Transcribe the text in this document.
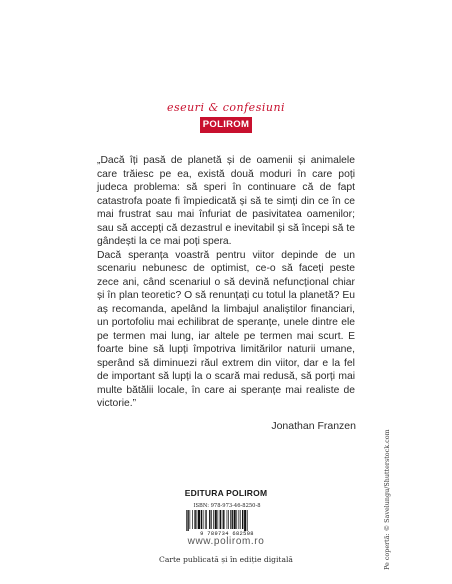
eseuri & confesiuni
POLIROM

„Dacă îți pasă de planetă și de oamenii și animalele care trăiesc pe ea, există două moduri în care poți judeca problema: să speri în continuare că de fapt catastrofa poate fi împiedicată și să te simți din ce în ce mai frustrat sau mai înfuriat de pasivitatea oamenilor; sau să accepți că dezastrul e inevitabil și să începi să te gândești la ce mai poți spera.

Dacă speranța voastră pentru viitor depinde de un scenariu nebunesc de optimist, ce-o să faceți peste zece ani, când scenariul o să devină nefuncțional chiar și în plan teoretic? O să renunțați cu totul la planetă? Eu aș recomanda, apelând la limbajul analiștilor financiari, un portofoliu mai echilibrat de speranțe, unele dintre ele pe termen mai lung, iar altele pe termen mai scurt. E foarte bine să lupți împotriva limitărilor naturii umane, sperând să diminuezi răul extrem din viitor, dar e la fel de important să lupți la o scară mai redusă, să porți mai multe bătălii locale, în care ai speranțe mai realiste de victorie.”

Jonathan Franzen
EDITURA POLIROM
ISBN: 978-973-46-8250-8
9 789734 682508
www.polirom.ro
Carte publicată și în ediție digitală	Pe copertă: © Savelungu/Shutterstock.com
